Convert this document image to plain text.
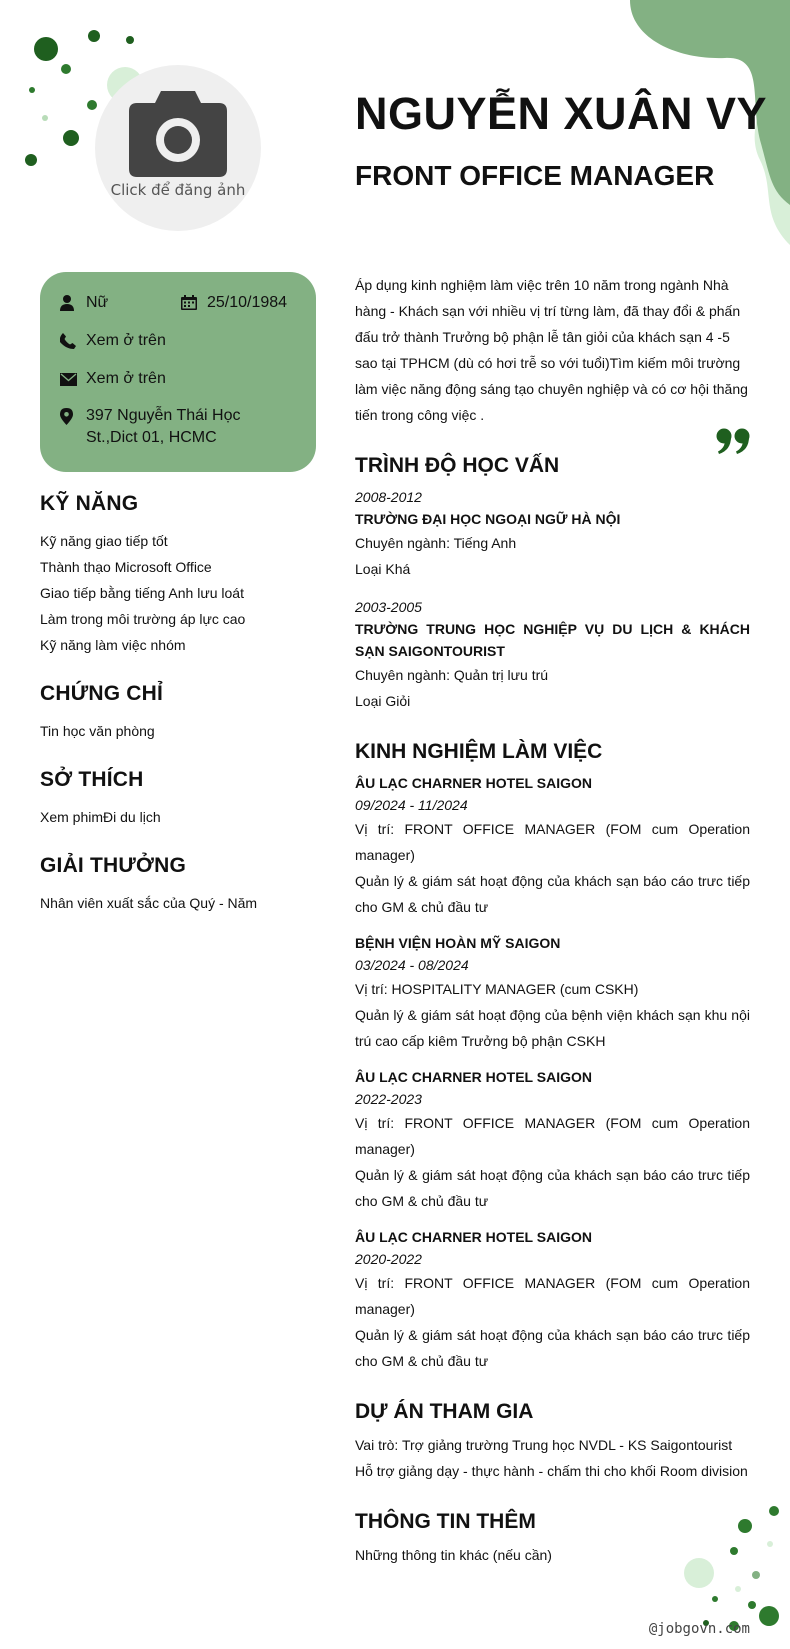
Click để đăng ảnh
NGUYỄN XUÂN VY
FRONT OFFICE MANAGER
Nữ	25/10/1984
Xem ở trên
Xem ở trên
397 Nguyễn Thái Học St.,Dict 01, HCMC
KỸ NĂNG
Kỹ năng giao tiếp tốt
Thành thạo Microsoft Office
Giao tiếp bằng tiếng Anh lưu loát
Làm trong môi trường áp lực cao
Kỹ năng làm việc nhóm
CHỨNG CHỈ
Tin học văn phòng
SỞ THÍCH
Xem phimĐi du lịch
GIẢI THƯỞNG
Nhân viên xuất sắc của Quý - Năm
Áp dụng kinh nghiệm làm việc trên 10 năm trong ngành Nhà hàng - Khách sạn với nhiều vị trí từng làm, đã thay đổi & phấn đấu trở thành Trưởng bộ phận lễ tân giỏi của khách sạn 4 -5 sao tại TPHCM (dù có hơi trễ so với tuổi)Tìm kiếm môi trường làm việc năng động sáng tạo chuyên nghiệp và có cơ hội thăng tiến trong công việc .
TRÌNH ĐỘ HỌC VẤN
2008-2012
TRƯỜNG ĐẠI HỌC NGOẠI NGỮ HÀ NỘI
Chuyên ngành: Tiếng Anh
Loại Khá
2003-2005
TRƯỜNG TRUNG HỌC NGHIỆP VỤ DU LỊCH & KHÁCH SẠN SAIGONTOURIST
Chuyên ngành: Quản trị lưu trú
Loại Giỏi
KINH NGHIỆM LÀM VIỆC
ÂU LẠC CHARNER HOTEL SAIGON
09/2024 - 11/2024
Vị trí: FRONT OFFICE MANAGER (FOM cum Operation manager)
Quản lý & giám sát hoạt động của khách sạn báo cáo trưc tiếp cho GM & chủ đầu tư
BỆNH VIỆN HOÀN MỸ SAIGON
03/2024 - 08/2024
Vị trí: HOSPITALITY MANAGER (cum CSKH)
Quản lý & giám sát hoạt động của bệnh viện khách sạn khu nội trú cao cấp kiêm Trưởng bộ phận CSKH
ÂU LẠC CHARNER HOTEL SAIGON
2022-2023
Vị trí: FRONT OFFICE MANAGER (FOM cum Operation manager)
Quản lý & giám sát hoạt động của khách sạn báo cáo trưc tiếp cho GM & chủ đầu tư
ÂU LẠC CHARNER HOTEL SAIGON
2020-2022
Vị trí: FRONT OFFICE MANAGER (FOM cum Operation manager)
Quản lý & giám sát hoạt động của khách sạn báo cáo trưc tiếp cho GM & chủ đầu tư
DỰ ÁN THAM GIA
Vai trò: Trợ giảng trường Trung học NVDL - KS Saigontourist
Hỗ trợ giảng dạy - thực hành - chấm thi cho khối Room division
THÔNG TIN THÊM
Những thông tin khác (nếu cần)
@jobgovn.com
